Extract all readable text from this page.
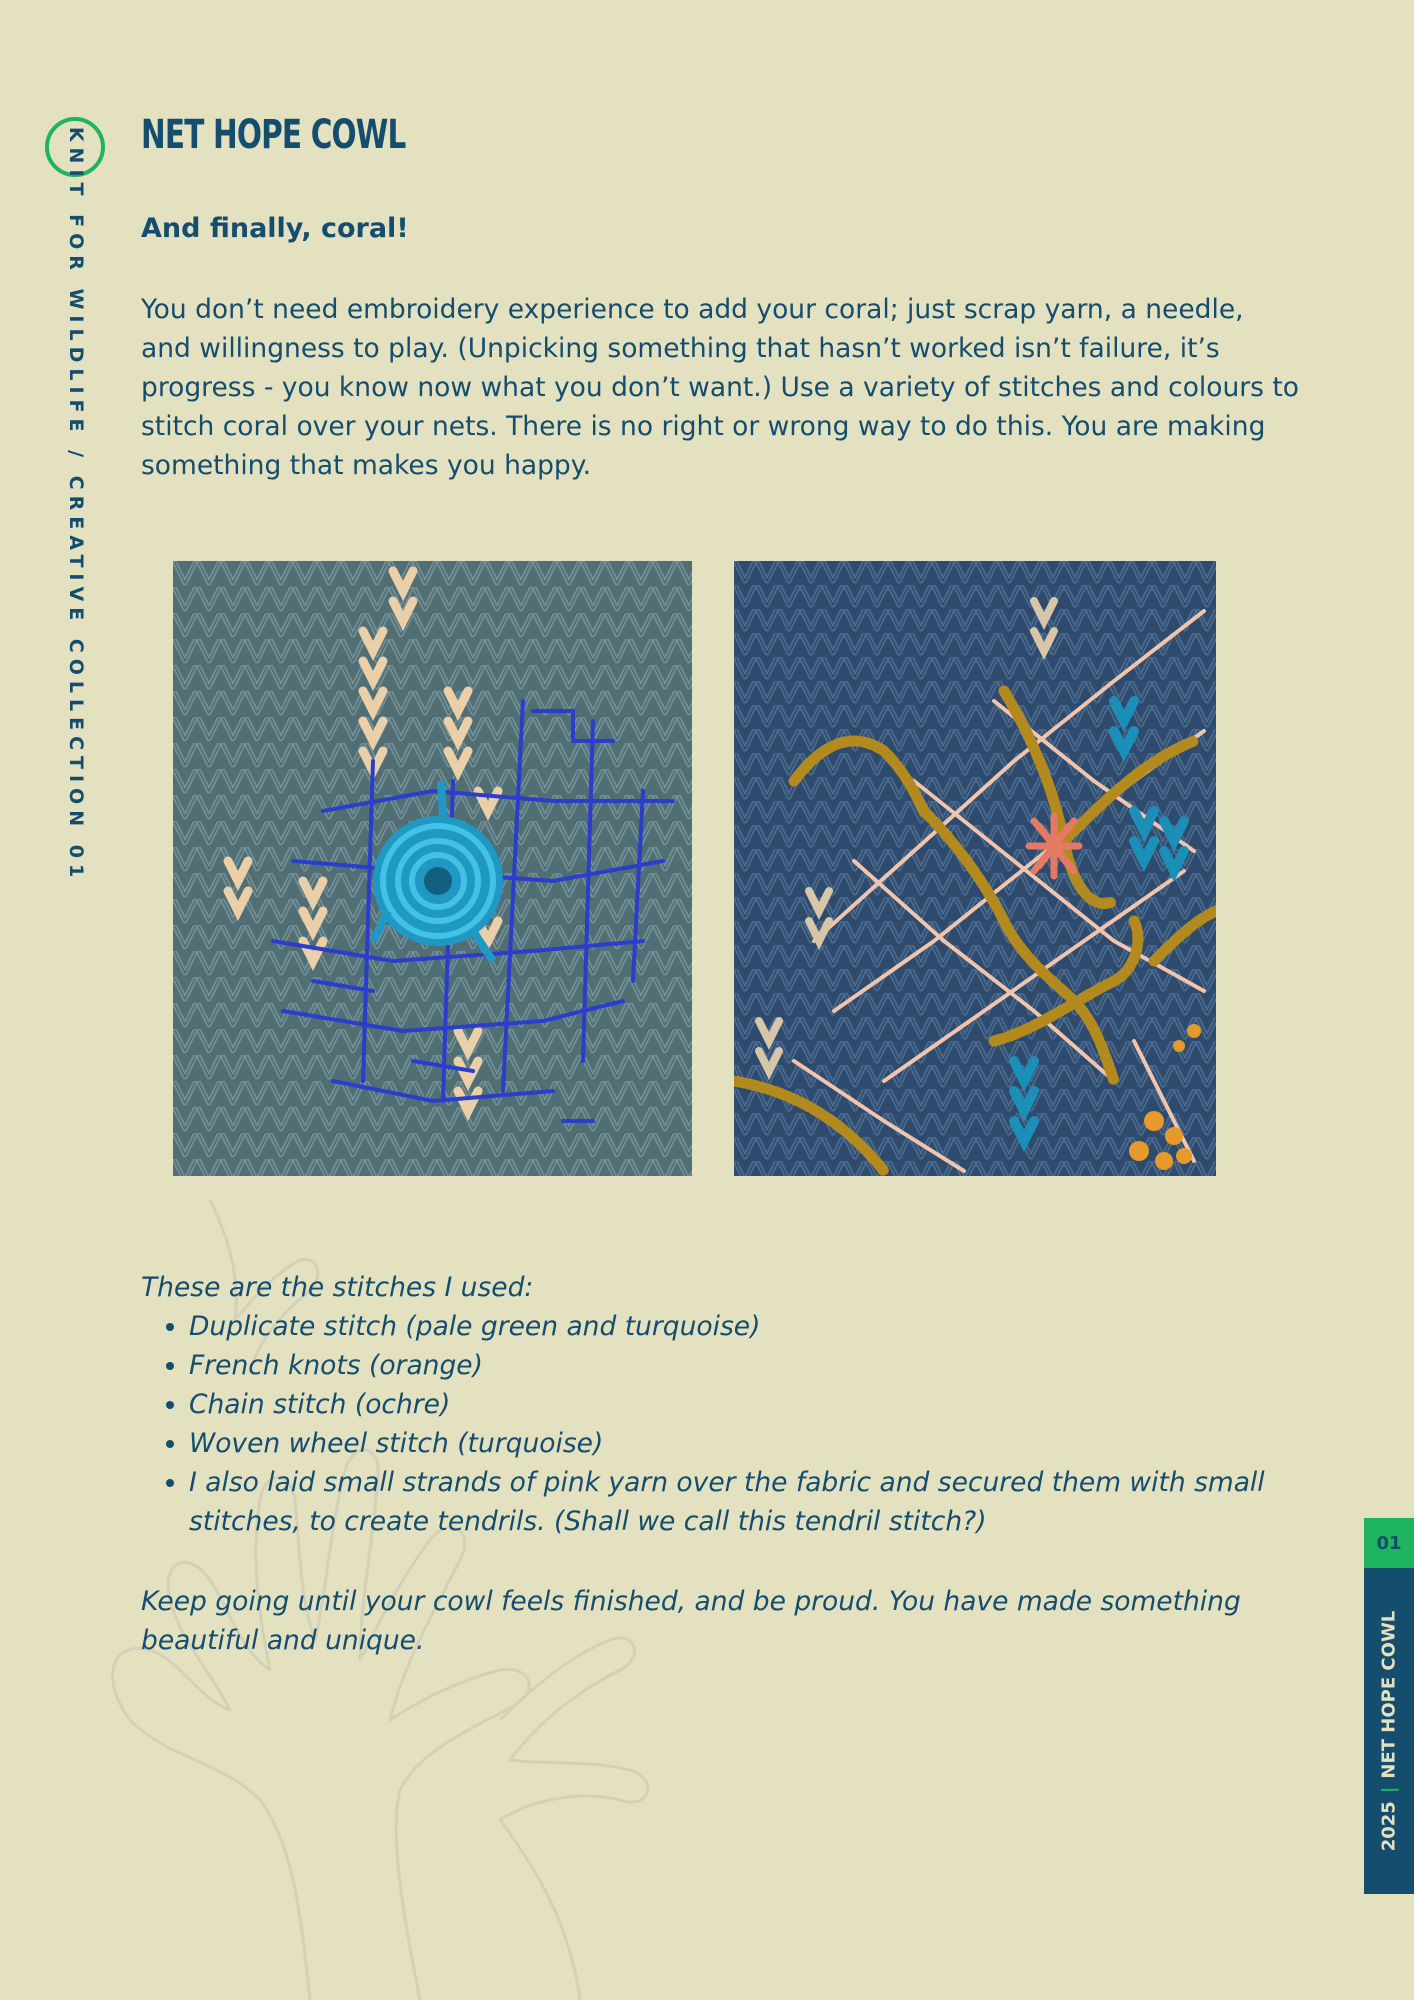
KNIT FOR WILDLIFE / CREATIVE COLLECTION 01 NET HOPE COWL
And finally, coral!

You don’t need embroidery experience to add your coral; just scrap yarn, a needle, and willingness to play. (Unpicking something that hasn’t worked isn’t failure, it’s progress - you know now what you don’t want.) Use a variety of stitches and colours to stitch coral over your nets. There is no right or wrong way to do this. You are making something that makes you happy.

These are the stitches I used:

• Duplicate stitch (pale green and turquoise)
• French knots (orange)
• Chain stitch (ochre)
• Woven wheel stitch (turquoise)
• I also laid small strands of pink yarn over the fabric and secured them with small stitches, to create tendrils. (Shall we call this tendril stitch?)

Keep going until your cowl feels finished, and be proud. You have made something beautiful and unique.

01
2025|NET HOPE COWL
